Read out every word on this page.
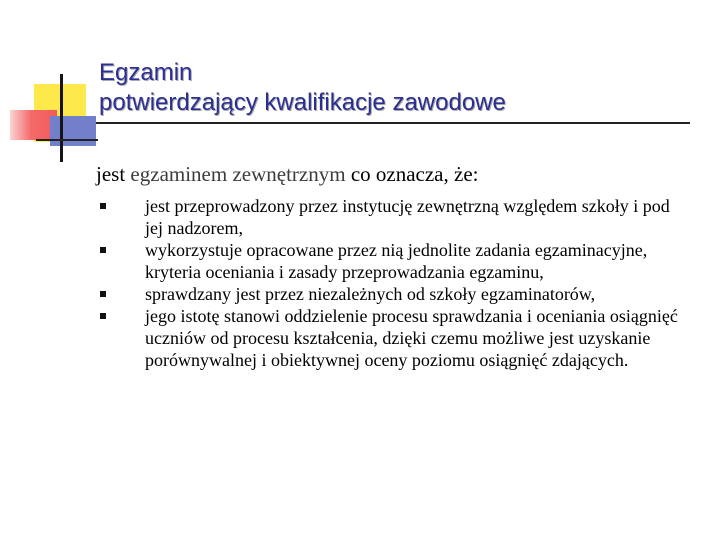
Egzamin
potwierdzający kwalifikacje zawodowe

jest egzaminem zewnętrznym co oznacza, że:

jest przeprowadzony przez instytucję zewnętrzną względem szkoły i pod jej nadzorem,
wykorzystuje opracowane przez nią jednolite zadania egzaminacyjne, kryteria oceniania i zasady przeprowadzania egzaminu,
sprawdzany jest przez niezależnych od szkoły egzaminatorów,
jego istotę stanowi oddzielenie procesu sprawdzania i oceniania osiągnięć uczniów od procesu kształcenia, dzięki czemu możliwe jest uzyskanie porównywalnej i obiektywnej oceny poziomu osiągnięć zdających.
